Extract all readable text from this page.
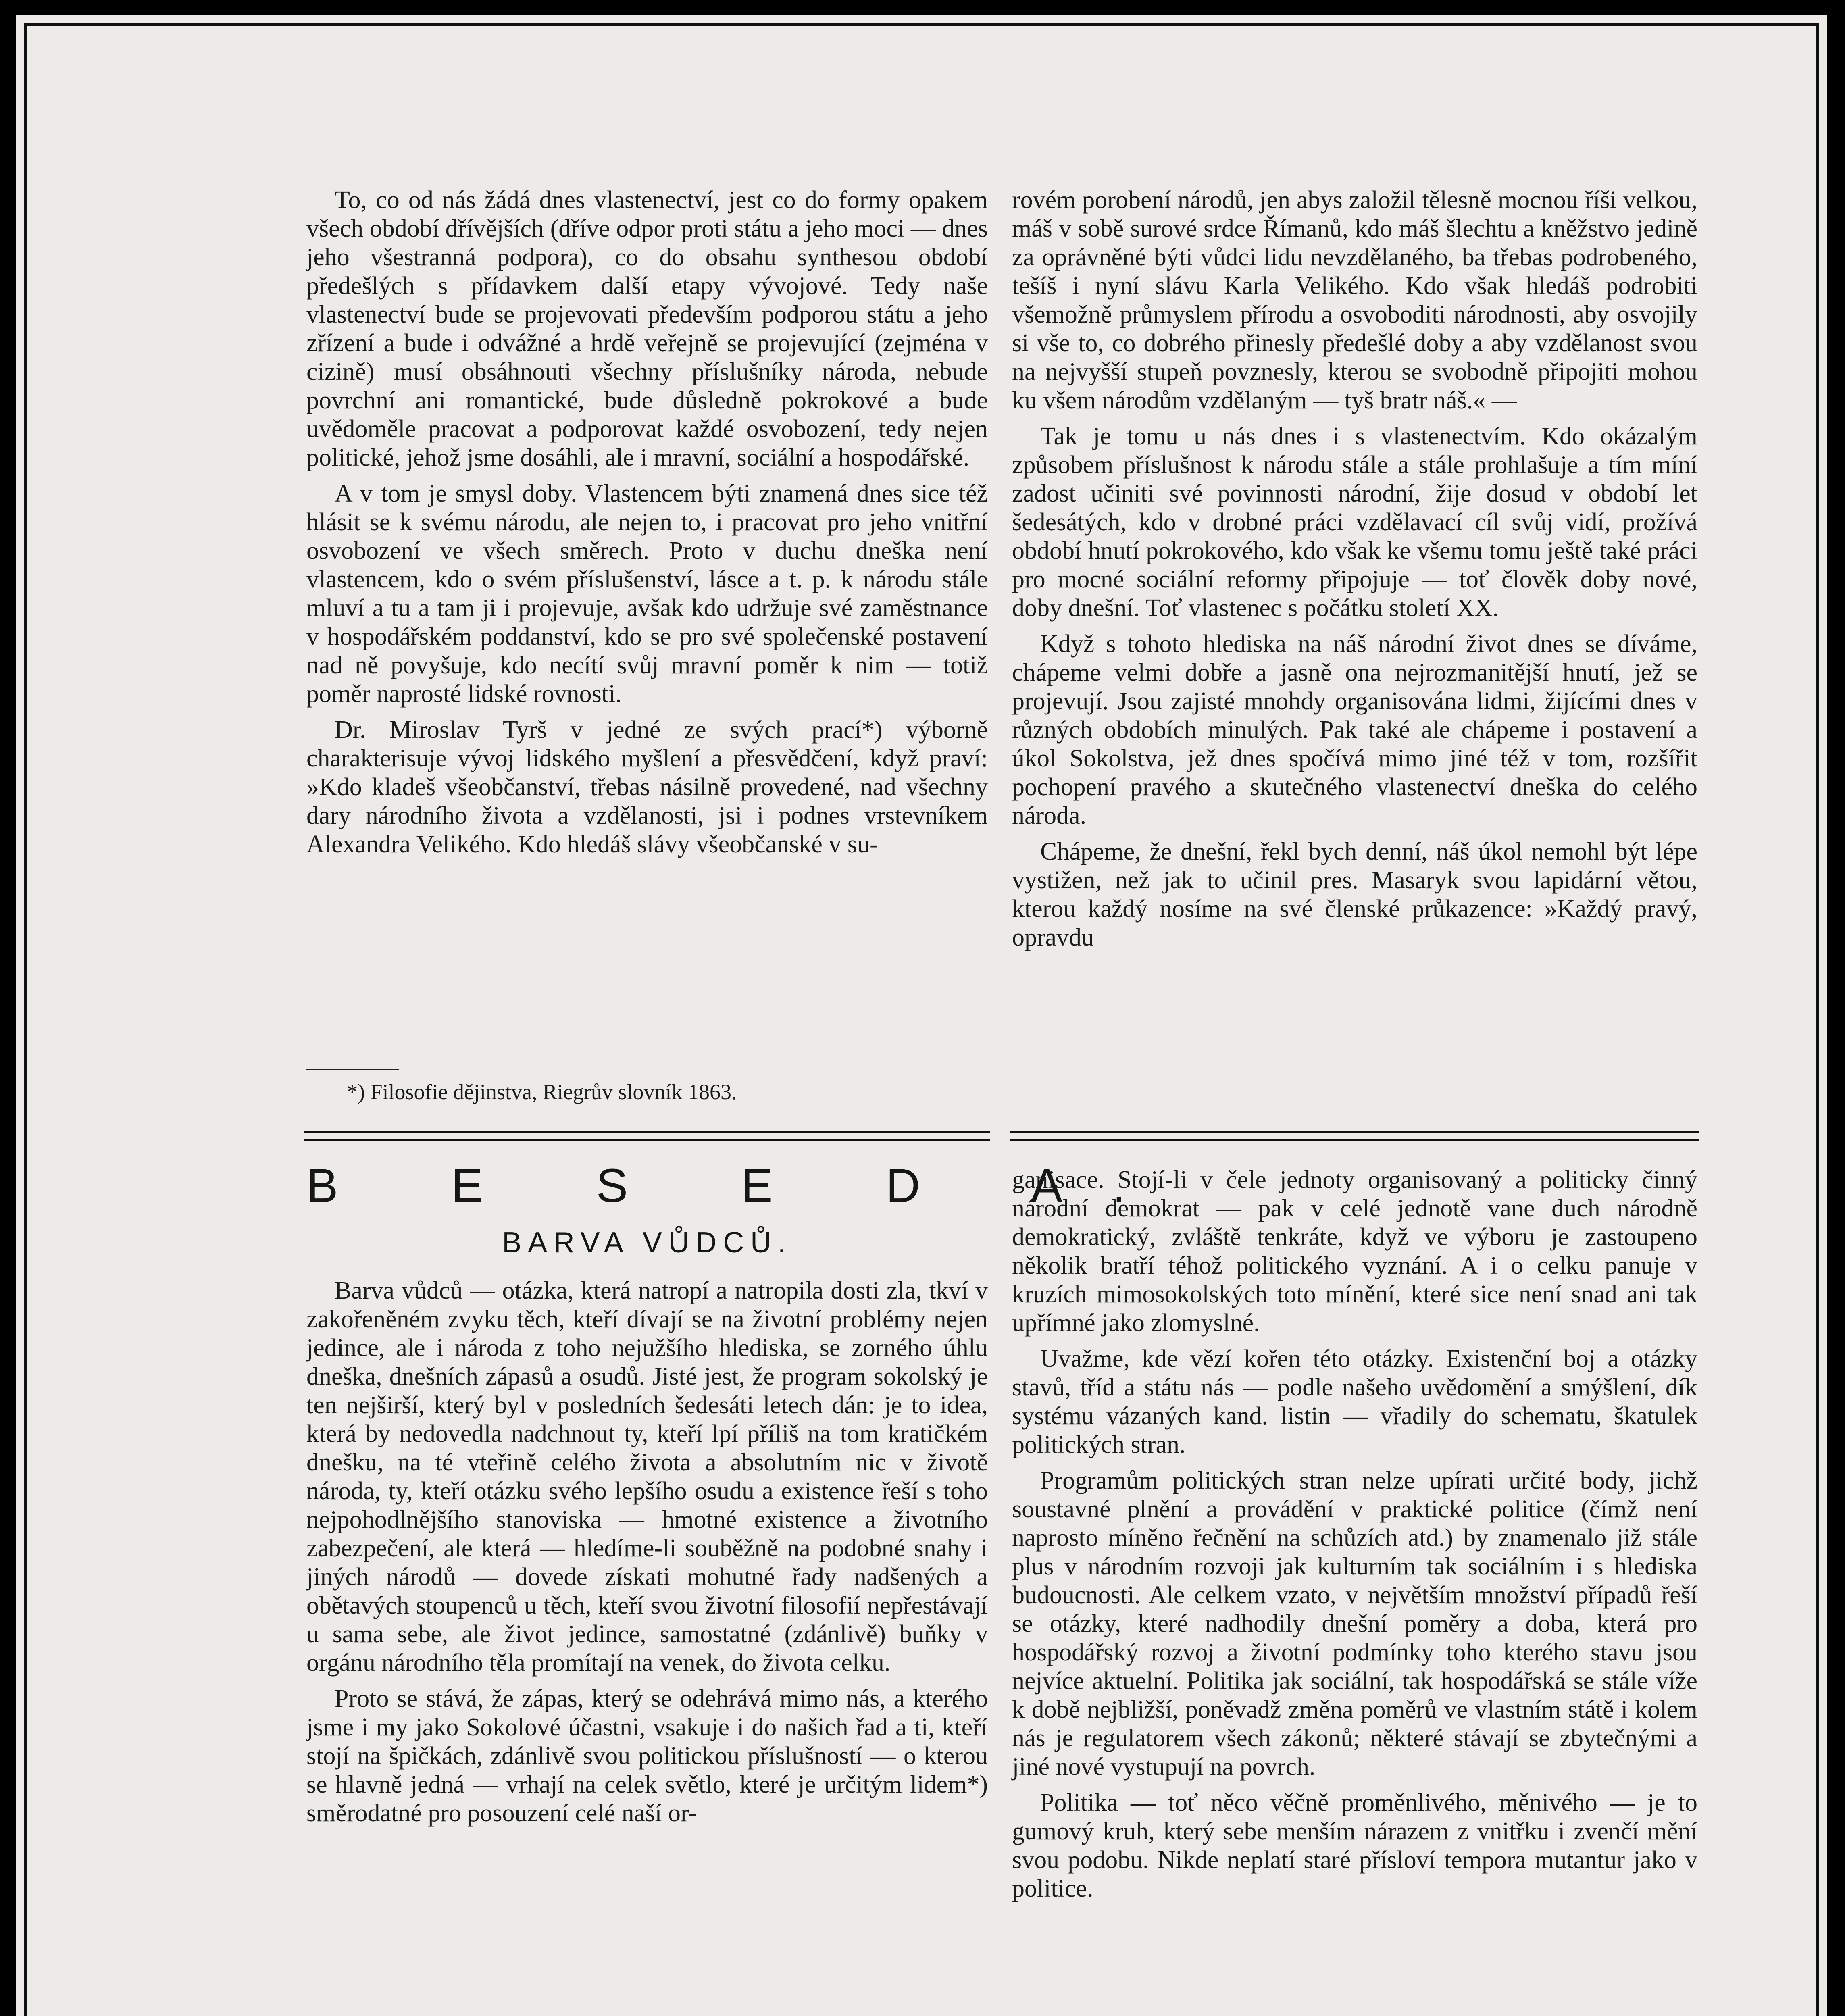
To, co od nás žádá dnes vlastenectví, jest co do formy opakem všech období dřívějších (dříve odpor proti státu a jeho moci — dnes jeho všestranná podpora), co do obsahu synthesou období předešlých s přídavkem další etapy vývojové. Tedy naše vlastenectví bude se projevovati především podporou státu a jeho zřízení a bude i odvážné a hrdě veřejně se projevující (zejména v cizině) musí obsáhnouti všechny příslušníky národa, nebude povrchní ani romantické, bude důsledně pokrokové a bude uvědoměle pracovat a podporovat každé osvobození, tedy nejen politické, jehož jsme dosáhli, ale i mravní, sociální a hospodářské.

A v tom je smysl doby. Vlastencem býti znamená dnes sice též hlásit se k svému národu, ale nejen to, i pracovat pro jeho vnitřní osvobození ve všech směrech. Proto v duchu dneška není vlastencem, kdo o svém příslušenství, lásce a t. p. k národu stále mluví a tu a tam ji i projevuje, avšak kdo udržuje své zaměstnance v hospodářském poddanství, kdo se pro své společenské postavení nad ně povyšuje, kdo necítí svůj mravní poměr k nim — totiž poměr naprosté lidské rovnosti.

Dr. Miroslav Tyrš v jedné ze svých prací*) výborně charakterisuje vývoj lidského myšlení a přesvědčení, když praví: »Kdo kladeš všeobčanství, třebas násilně provedené, nad všechny dary národního života a vzdělanosti, jsi i podnes vrstevníkem Alexandra Velikého. Kdo hledáš slávy všeobčanské v su-

*) Filosofie dějinstva, Riegrův slovník 1863.

rovém porobení národů, jen abys založil tělesně mocnou říši velkou, máš v sobě surové srdce Římanů, kdo máš šlechtu a kněžstvo jedině za oprávněné býti vůdci lidu nevzdělaného, ba třebas podrobeného, tešíš i nyní slávu Karla Velikého. Kdo však hledáš podrobiti všemožně průmyslem přírodu a osvoboditi národnosti, aby osvojily si vše to, co dobrého přinesly předešlé doby a aby vzdělanost svou na nejvyšší stupeň povznesly, kterou se svobodně připojiti mohou ku všem národům vzdělaným — tyš bratr náš.« —

Tak je tomu u nás dnes i s vlastenectvím. Kdo okázalým způsobem příslušnost k národu stále a stále prohlašuje a tím míní zadost učiniti své povinnosti národní, žije dosud v období let šedesátých, kdo v drobné práci vzdělavací cíl svůj vidí, prožívá období hnutí pokrokového, kdo však ke všemu tomu ještě také práci pro mocné sociální reformy připojuje — toť člověk doby nové, doby dnešní. Toť vlastenec s počátku století XX.

Když s tohoto hlediska na náš národní život dnes se díváme, chápeme velmi dobře a jasně ona nejrozmanitější hnutí, jež se projevují. Jsou zajisté mnohdy organisována lidmi, žijícími dnes v různých obdobích minulých. Pak také ale chápeme i postavení a úkol Sokolstva, jež dnes spočívá mimo jiné též v tom, rozšířit pochopení pravého a skutečného vlastenectví dneška do celého národa.

Chápeme, že dnešní, řekl bych denní, náš úkol nemohl být lépe vystižen, než jak to učinil pres. Masaryk svou lapidární větou, kterou každý nosíme na své členské průkazence: »Každý pravý, opravdu

B E S E D A.
BARVA VŮDCŮ.

Barva vůdců — otázka, která natropí a natropila dosti zla, tkví v zakořeněném zvyku těch, kteří dívají se na životní problémy nejen jedince, ale i národa z toho nejužšího hlediska, se zorného úhlu dneška, dnešních zápasů a osudů. Jisté jest, že program sokolský je ten nejširší, který byl v posledních šedesáti letech dán: je to idea, která by nedovedla nadchnout ty, kteří lpí příliš na tom kratičkém dnešku, na té vteřině celého života a absolutním nic v životě národa, ty, kteří otázku svého lepšího osudu a existence řeší s toho nejpohodlnějšího stanoviska — hmotné existence a životního zabezpečení, ale která — hledíme-li souběžně na podobné snahy i jiných národů — dovede získati mohutné řady nadšených a obětavých stoupenců u těch, kteří svou životní filosofií nepřestávají u sama sebe, ale život jedince, samostatné (zdánlivě) buňky v orgánu národního těla promítají na venek, do života celku.

Proto se stává, že zápas, který se odehrává mimo nás, a kterého jsme i my jako Sokolové účastni, vsakuje i do našich řad a ti, kteří stojí na špičkách, zdánlivě svou politickou příslušností — o kterou se hlavně jedná — vrhají na celek světlo, které je určitým lidem*) směrodatné pro posouzení celé naší or-

ganisace. Stojí-li v čele jednoty organisovaný a politicky činný národní demokrat — pak v celé jednotě vane duch národně demokratický, zvláště tenkráte, když ve výboru je zastoupeno několik bratří téhož politického vyznání. A i o celku panuje v kruzích mimosokolských toto mínění, které sice není snad ani tak upřímné jako zlomyslné.

Uvažme, kde vězí kořen této otázky. Existenční boj a otázky stavů, tříd a státu nás — podle našeho uvědomění a smýšlení, dík systému vázaných kand. listin — vřadily do schematu, škatulek politických stran.

Programům politických stran nelze upírati určité body, jichž soustavné plnění a provádění v praktické politice (čímž není naprosto míněno řečnění na schůzích atd.) by znamenalo již stále plus v národním rozvoji jak kulturním tak sociálním i s hlediska budoucnosti. Ale celkem vzato, v největším množství případů řeší se otázky, které nadhodily dnešní poměry a doba, která pro hospodářský rozvoj a životní podmínky toho kterého stavu jsou nejvíce aktuelní. Politika jak sociální, tak hospodářská se stále víže k době nejbližší, poněvadž změna poměrů ve vlastním státě i kolem nás je regulatorem všech zákonů; některé stávají se zbytečnými a jiné nové vystupují na povrch.

Politika — toť něco věčně proměnlivého, měnivého — je to gumový kruh, který sebe menším nárazem z vnitřku i zvenčí mění svou podobu. Nikde neplatí staré přísloví tempora mutantur jako v politice.
